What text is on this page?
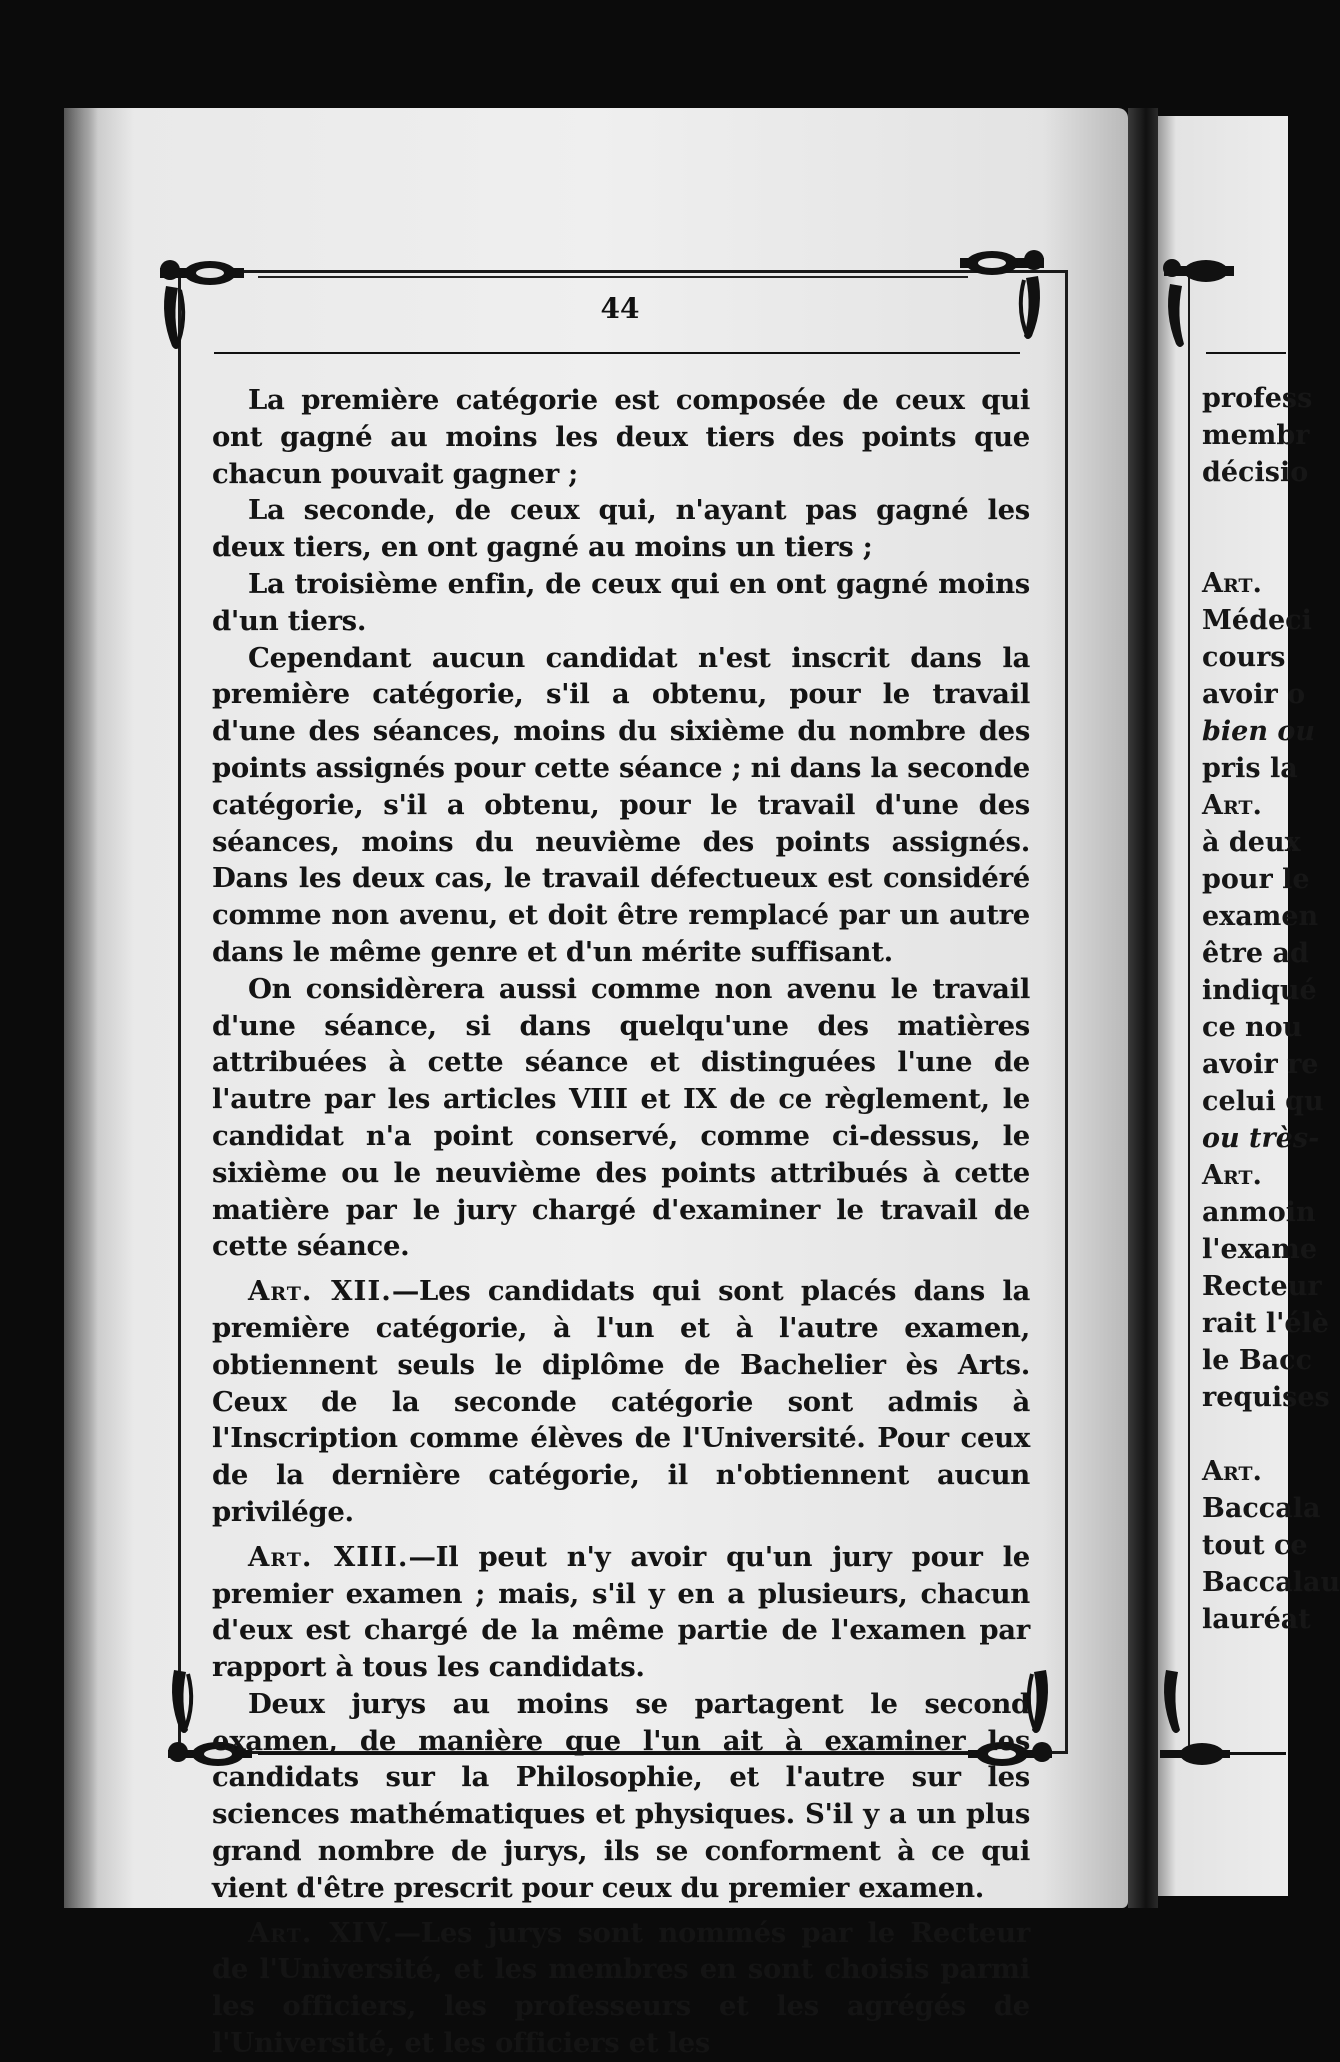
44

La première catégorie est composée de ceux qui ont gagné au moins les deux tiers des points que chacun pouvait gagner ;

La seconde, de ceux qui, n'ayant pas gagné les deux tiers, en ont gagné au moins un tiers ;

La troisième enfin, de ceux qui en ont gagné moins d'un tiers.

Cependant aucun candidat n'est inscrit dans la première catégorie, s'il a obtenu, pour le travail d'une des séances, moins du sixième du nombre des points assignés pour cette séance ; ni dans la seconde catégorie, s'il a obtenu, pour le travail d'une des séances, moins du neuvième des points assignés. Dans les deux cas, le travail défectueux est considéré comme non avenu, et doit être remplacé par un autre dans le même genre et d'un mérite suffisant.

On considèrera aussi comme non avenu le travail d'une séance, si dans quelqu'une des matières attribuées à cette séance et distinguées l'une de l'autre par les articles VIII et IX de ce règlement, le candidat n'a point conservé, comme ci-dessus, le sixième ou le neuvième des points attribués à cette matière par le jury chargé d'examiner le travail de cette séance.

Art. XII.—Les candidats qui sont placés dans la première catégorie, à l'un et à l'autre examen, obtiennent seuls le diplôme de Bachelier ès Arts. Ceux de la seconde catégorie sont admis à l'Inscription comme élèves de l'Université. Pour ceux de la dernière catégorie, il n'obtiennent aucun privilége.

Art. XIII.—Il peut n'y avoir qu'un jury pour le premier examen ; mais, s'il y en a plusieurs, chacun d'eux est chargé de la même partie de l'examen par rapport à tous les candidats.

Deux jurys au moins se partagent le second examen, de manière que l'un ait à examiner les candidats sur la Philosophie, et l'autre sur les sciences mathématiques et physiques. S'il y a un plus grand nombre de jurys, ils se conforment à ce qui vient d'être prescrit pour ceux du premier examen.

Art. XIV.—Les jurys sont nommés par le Recteur de l'Université, et les membres en sont choisis parmi les officiers, les professeurs et les agrégés de l'Université, et les officiers et les

profess
membr
décisio
Art.
Médeci
cours
avoir o
bien ou
pris la
Art.
à deux
pour le
examen
être ad
indiqué
ce nou
avoir re
celui qu
ou très-
Art.
anmoin
l'exame
Recteur
rait l'élè
le Bacc
requises
Art.
Baccala
tout ce
Baccalau
lauréat
